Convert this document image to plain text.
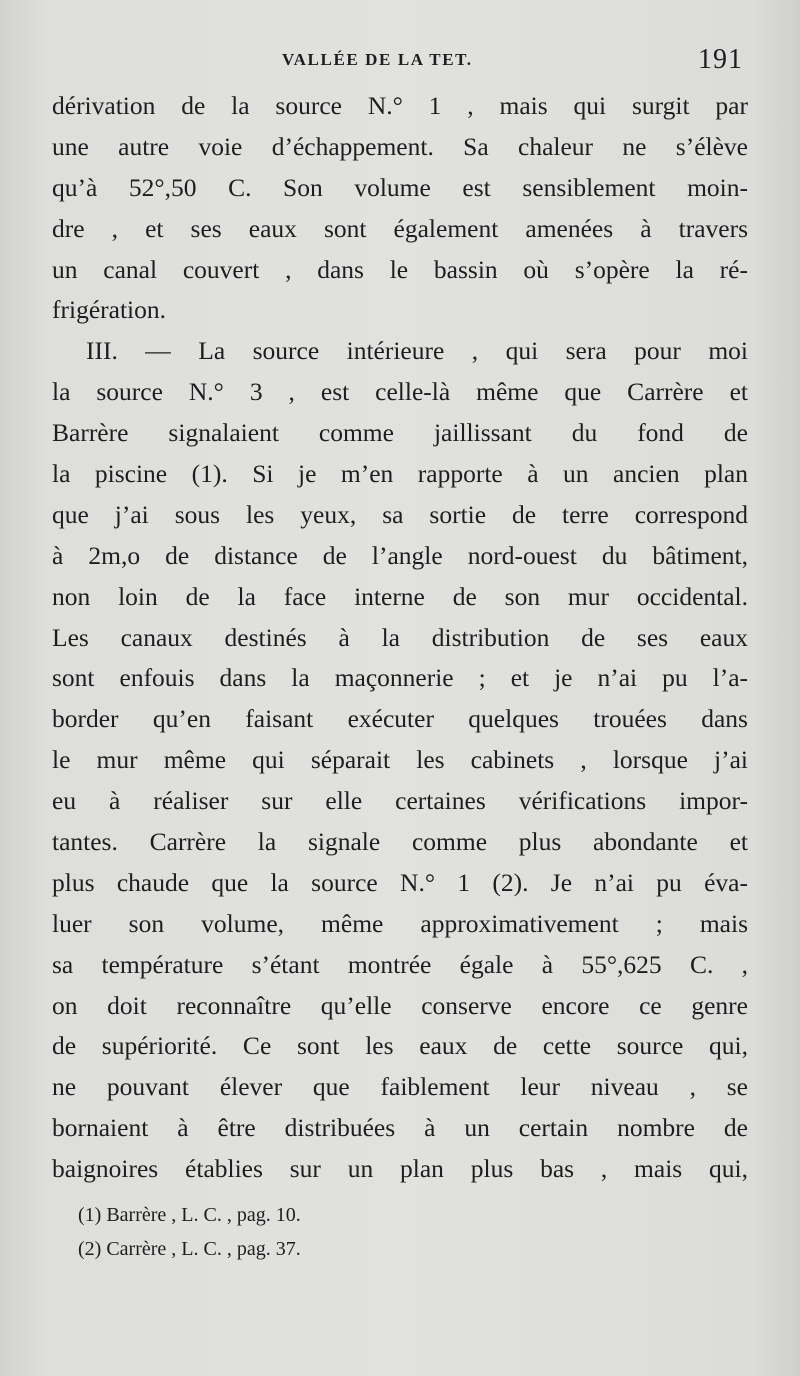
VALLÉE DE LA TET.	191
dérivation de la source N.° 1 , mais qui surgit par
une autre voie d’échappement. Sa chaleur ne s’élève
qu’à 52°,50 C. Son volume est sensiblement moin-
dre , et ses eaux sont également amenées à travers
un canal couvert , dans le bassin où s’opère la ré-
frigération.
III. — La source intérieure , qui sera pour moi
la source N.° 3 , est celle-là même que Carrère et
Barrère signalaient comme jaillissant du fond de
la piscine (1). Si je m’en rapporte à un ancien plan
que j’ai sous les yeux, sa sortie de terre correspond
à 2m,o de distance de l’angle nord-ouest du bâtiment,
non loin de la face interne de son mur occidental.
Les canaux destinés à la distribution de ses eaux
sont enfouis dans la maçonnerie ; et je n’ai pu l’a-
border qu’en faisant exécuter quelques trouées dans
le mur même qui séparait les cabinets , lorsque j’ai
eu à réaliser sur elle certaines vérifications impor-
tantes. Carrère la signale comme plus abondante et
plus chaude que la source N.° 1 (2). Je n’ai pu éva-
luer son volume, même approximativement ; mais
sa température s’étant montrée égale à 55°,625 C. ,
on doit reconnaître qu’elle conserve encore ce genre
de supériorité. Ce sont les eaux de cette source qui,
ne pouvant élever que faiblement leur niveau , se
bornaient à être distribuées à un certain nombre de
baignoires établies sur un plan plus bas , mais qui,
(1) Barrère , L. C. , pag. 10.
(2) Carrère , L. C. , pag. 37.
